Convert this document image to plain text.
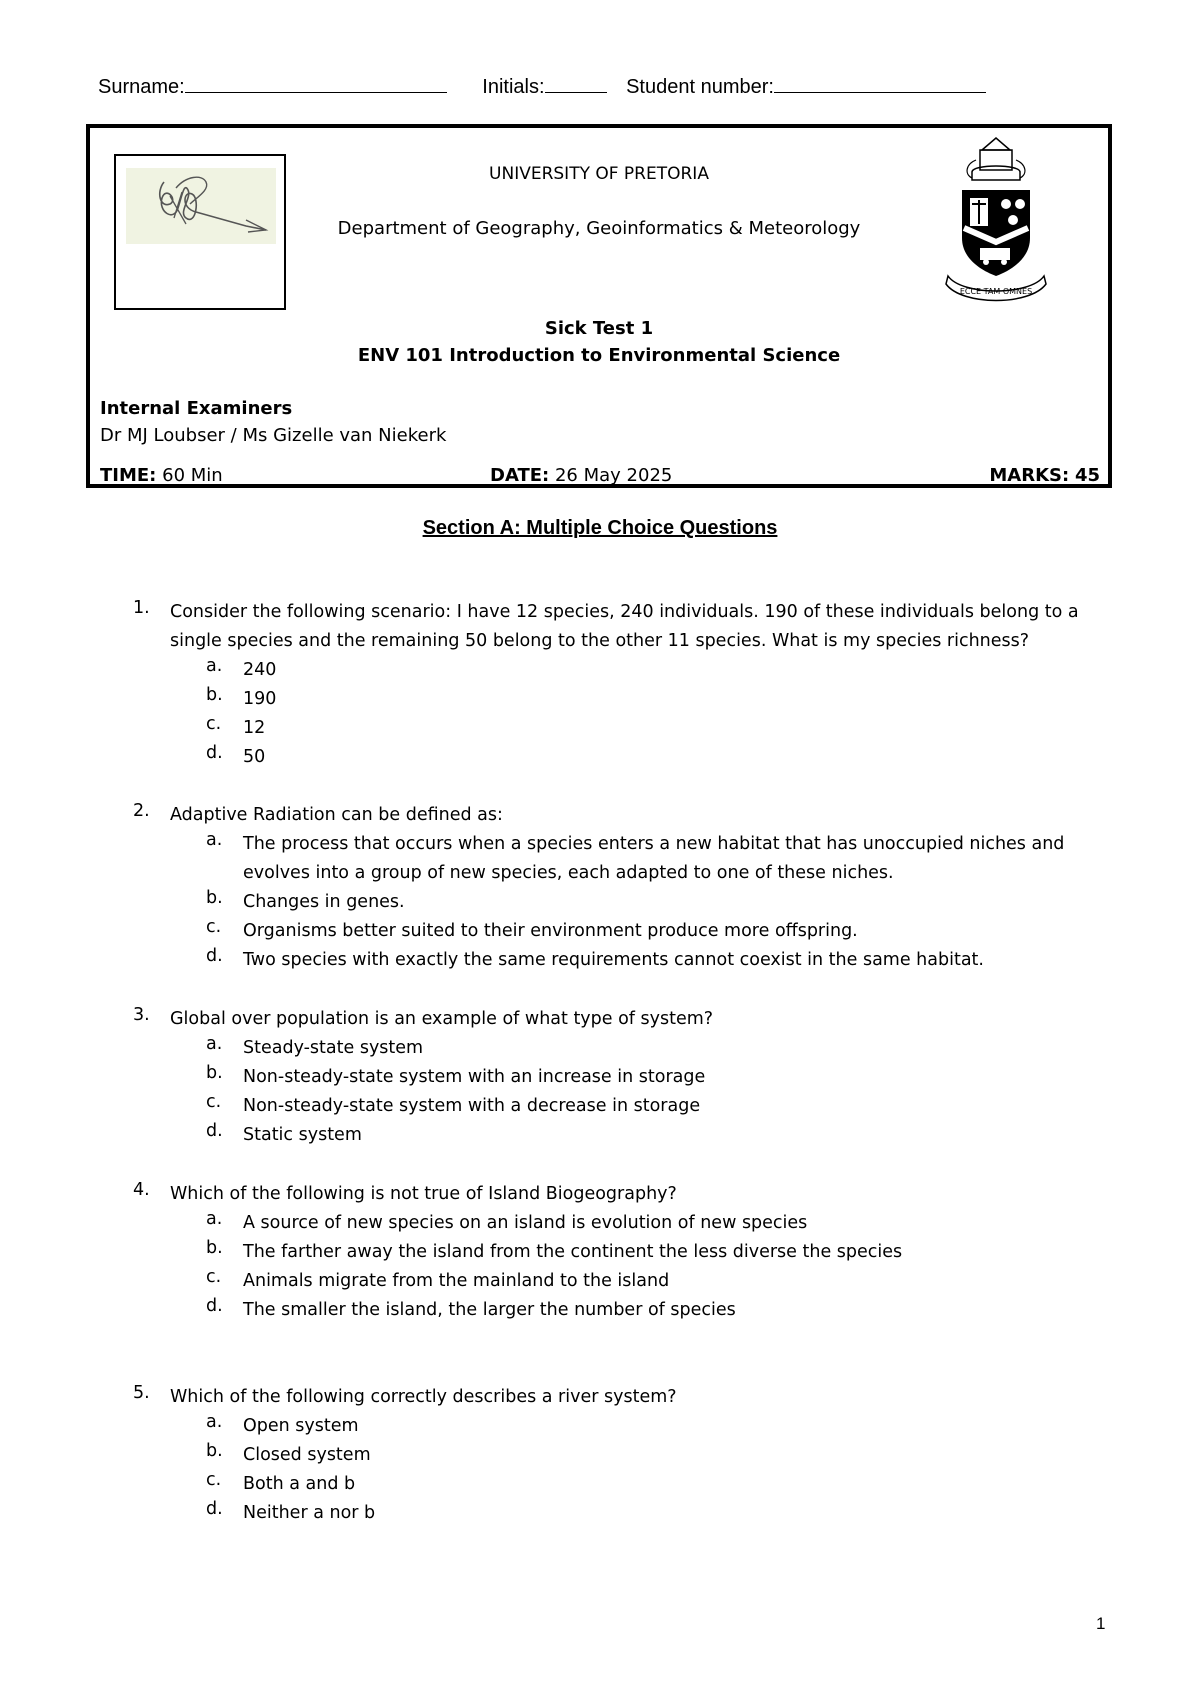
Surname:	Initials:	Student number:
UNIVERSITY OF PRETORIA
Department of Geography, Geoinformatics & Meteorology
ECCE TAM OMNES
Sick Test 1
ENV 101 Introduction to Environmental Science
Internal Examiners
Dr MJ Loubser / Ms Gizelle van Niekerk
TIME: 60 Min	DATE: 26 May 2025	MARKS: 45
Section A: Multiple Choice Questions
1. Consider the following scenario: I have 12 species, 240 individuals. 190 of these individuals belong to a single species and the remaining 50 belong to the other 11 species. What is my species richness?
a. 240
b. 190
c. 12
d. 50
2. Adaptive Radiation can be defined as:
a. The process that occurs when a species enters a new habitat that has unoccupied niches and evolves into a group of new species, each adapted to one of these niches.
b. Changes in genes.
c. Organisms better suited to their environment produce more offspring.
d. Two species with exactly the same requirements cannot coexist in the same habitat.
3. Global over population is an example of what type of system?
a. Steady-state system
b. Non-steady-state system with an increase in storage
c. Non-steady-state system with a decrease in storage
d. Static system
4. Which of the following is not true of Island Biogeography?
a. A source of new species on an island is evolution of new species
b. The farther away the island from the continent the less diverse the species
c. Animals migrate from the mainland to the island
d. The smaller the island, the larger the number of species
5. Which of the following correctly describes a river system?
a. Open system
b. Closed system
c. Both a and b
d. Neither a nor b
1
